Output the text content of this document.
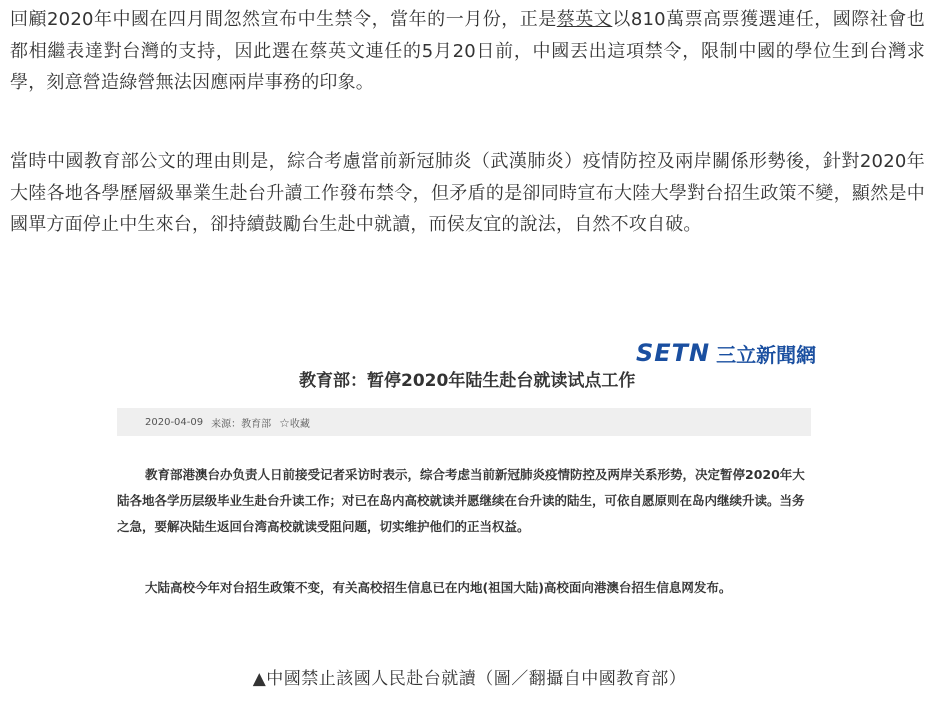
回顧2020年中國在四月間忽然宣布中生禁令，當年的一月份，正是蔡英文以810萬票高票獲選連任，國際社會也都相繼表達對台灣的支持，因此選在蔡英文連任的5月20日前，中國丟出這項禁令，限制中國的學位生到台灣求學，刻意營造綠營無法因應兩岸事務的印象。

當時中國教育部公文的理由則是，綜合考慮當前新冠肺炎（武漢肺炎）疫情防控及兩岸關係形勢後，針對2020年大陸各地各學歷層級畢業生赴台升讀工作發布禁令，但矛盾的是卻同時宣布大陸大學對台招生政策不變，顯然是中國單方面停止中生來台，卻持續鼓勵台生赴中就讀，而侯友宜的說法，自然不攻自破。

SETN 三立新聞網
教育部：暂停2020年陆生赴台就读试点工作
2020-04-09 来源：教育部 ☆收藏

教育部港澳台办负责人日前接受记者采访时表示，综合考虑当前新冠肺炎疫情防控及两岸关系形势，决定暂停2020年大陆各地各学历层级毕业生赴台升读工作；对已在岛内高校就读并愿继续在台升读的陆生，可依自愿原则在岛内继续升读。当务之急，要解决陆生返回台湾高校就读受阻问题，切实维护他们的正当权益。

大陆高校今年对台招生政策不变，有关高校招生信息已在内地(祖国大陆)高校面向港澳台招生信息网发布。

▲中國禁止該國人民赴台就讀（圖／翻攝自中國教育部）
